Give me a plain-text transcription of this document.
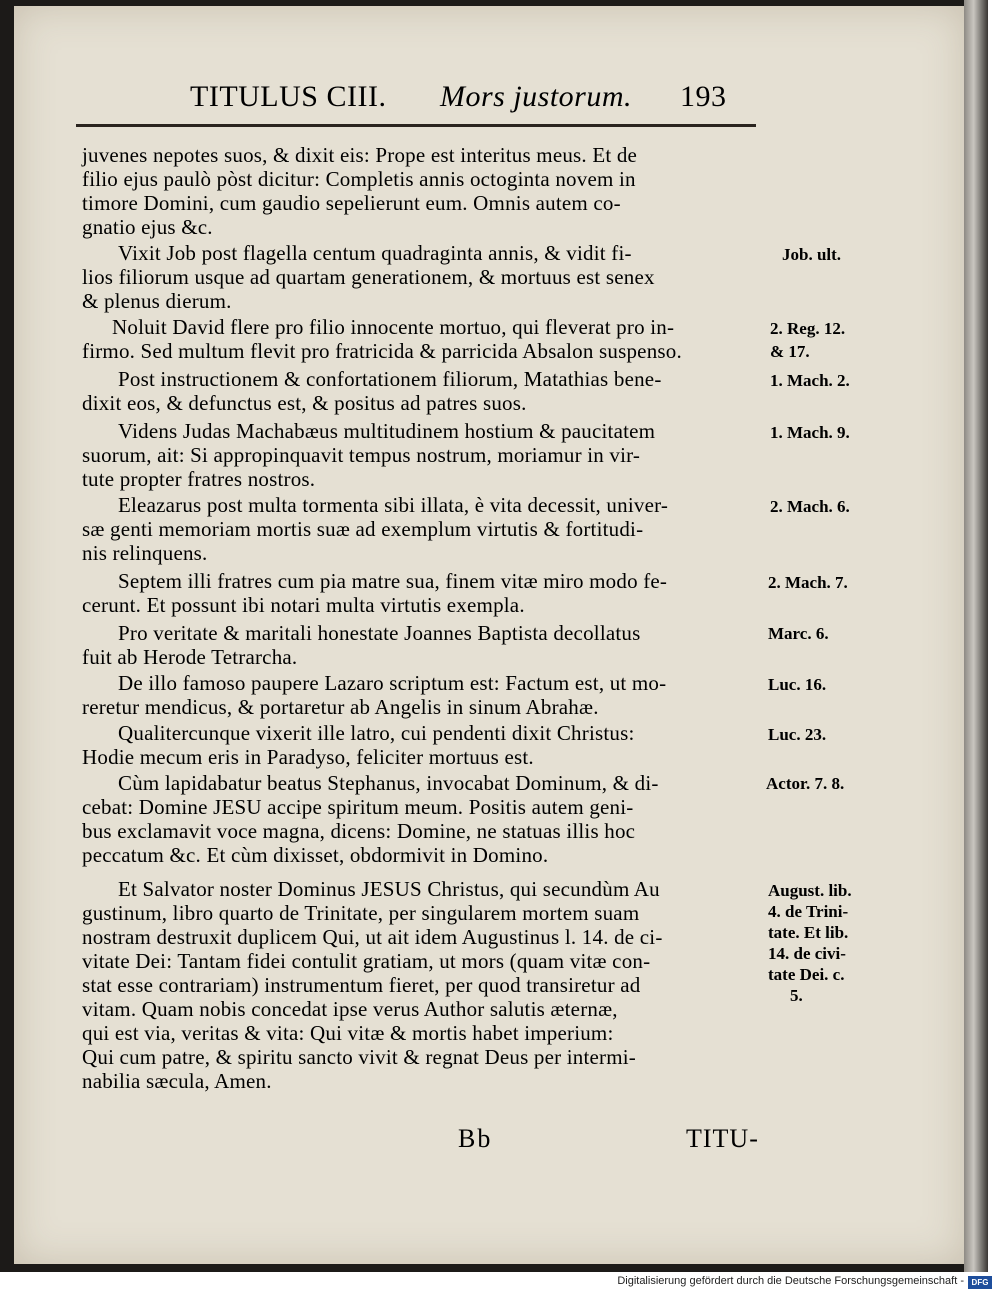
TITULUS CIII. Mors justorum. 193
juvenes nepotes suos, & dixit eis: Prope est interitus meus. Et de
filio ejus paulò pòst dicitur: Completis annis octoginta novem in
timore Domini, cum gaudio sepelierunt eum. Omnis autem co-
gnatio ejus &c.
Vixit Job post flagella centum quadraginta annis, & vidit fi-
lios filiorum usque ad quartam generationem, & mortuus est senex
& plenus dierum.
Noluit David flere pro filio innocente mortuo, qui fleverat pro in-
firmo. Sed multum flevit pro fratricida & parricida Absalon suspenso.
Post instructionem & confortationem filiorum, Matathias bene-
dixit eos, & defunctus est, & positus ad patres suos.
Videns Judas Machabæus multitudinem hostium & paucitatem
suorum, ait: Si appropinquavit tempus nostrum, moriamur in vir-
tute propter fratres nostros.
Eleazarus post multa tormenta sibi illata, è vita decessit, univer-
sæ genti memoriam mortis suæ ad exemplum virtutis & fortitudi-
nis relinquens.
Septem illi fratres cum pia matre sua, finem vitæ miro modo fe-
cerunt. Et possunt ibi notari multa virtutis exempla.
Pro veritate & maritali honestate Joannes Baptista decollatus
fuit ab Herode Tetrarcha.
De illo famoso paupere Lazaro scriptum est: Factum est, ut mo-
reretur mendicus, & portaretur ab Angelis in sinum Abrahæ.
Qualitercunque vixerit ille latro, cui pendenti dixit Christus:
Hodie mecum eris in Paradyso, feliciter mortuus est.
Cùm lapidabatur beatus Stephanus, invocabat Dominum, & di-
cebat: Domine JESU accipe spiritum meum. Positis autem geni-
bus exclamavit voce magna, dicens: Domine, ne statuas illis hoc
peccatum &c. Et cùm dixisset, obdormivit in Domino.
Et Salvator noster Dominus JESUS Christus, qui secundùm Au
gustinum, libro quarto de Trinitate, per singularem mortem suam
nostram destruxit duplicem Qui, ut ait idem Augustinus l. 14. de ci-
vitate Dei: Tantam fidei contulit gratiam, ut mors (quam vitæ con-
stat esse contrariam) instrumentum fieret, per quod transiretur ad
vitam. Quam nobis concedat ipse verus Author salutis æternæ,
qui est via, veritas & vita: Qui vitæ & mortis habet imperium:
Qui cum patre, & spiritu sancto vivit & regnat Deus per intermi-
nabilia sæcula, Amen.
Job. ult.
2. Reg. 12.
& 17.
1. Mach. 2.
1. Mach. 9.
2. Mach. 6.
2. Mach. 7.
Marc. 6.
Luc. 16.
Luc. 23.
Actor. 7. 8.
August. lib.
4. de Trini-
tate. Et lib.
14. de civi-
tate Dei. c.
5.
Bb	TITU-
Digitalisierung gefördert durch die Deutsche Forschungsgemeinschaft - DFG
